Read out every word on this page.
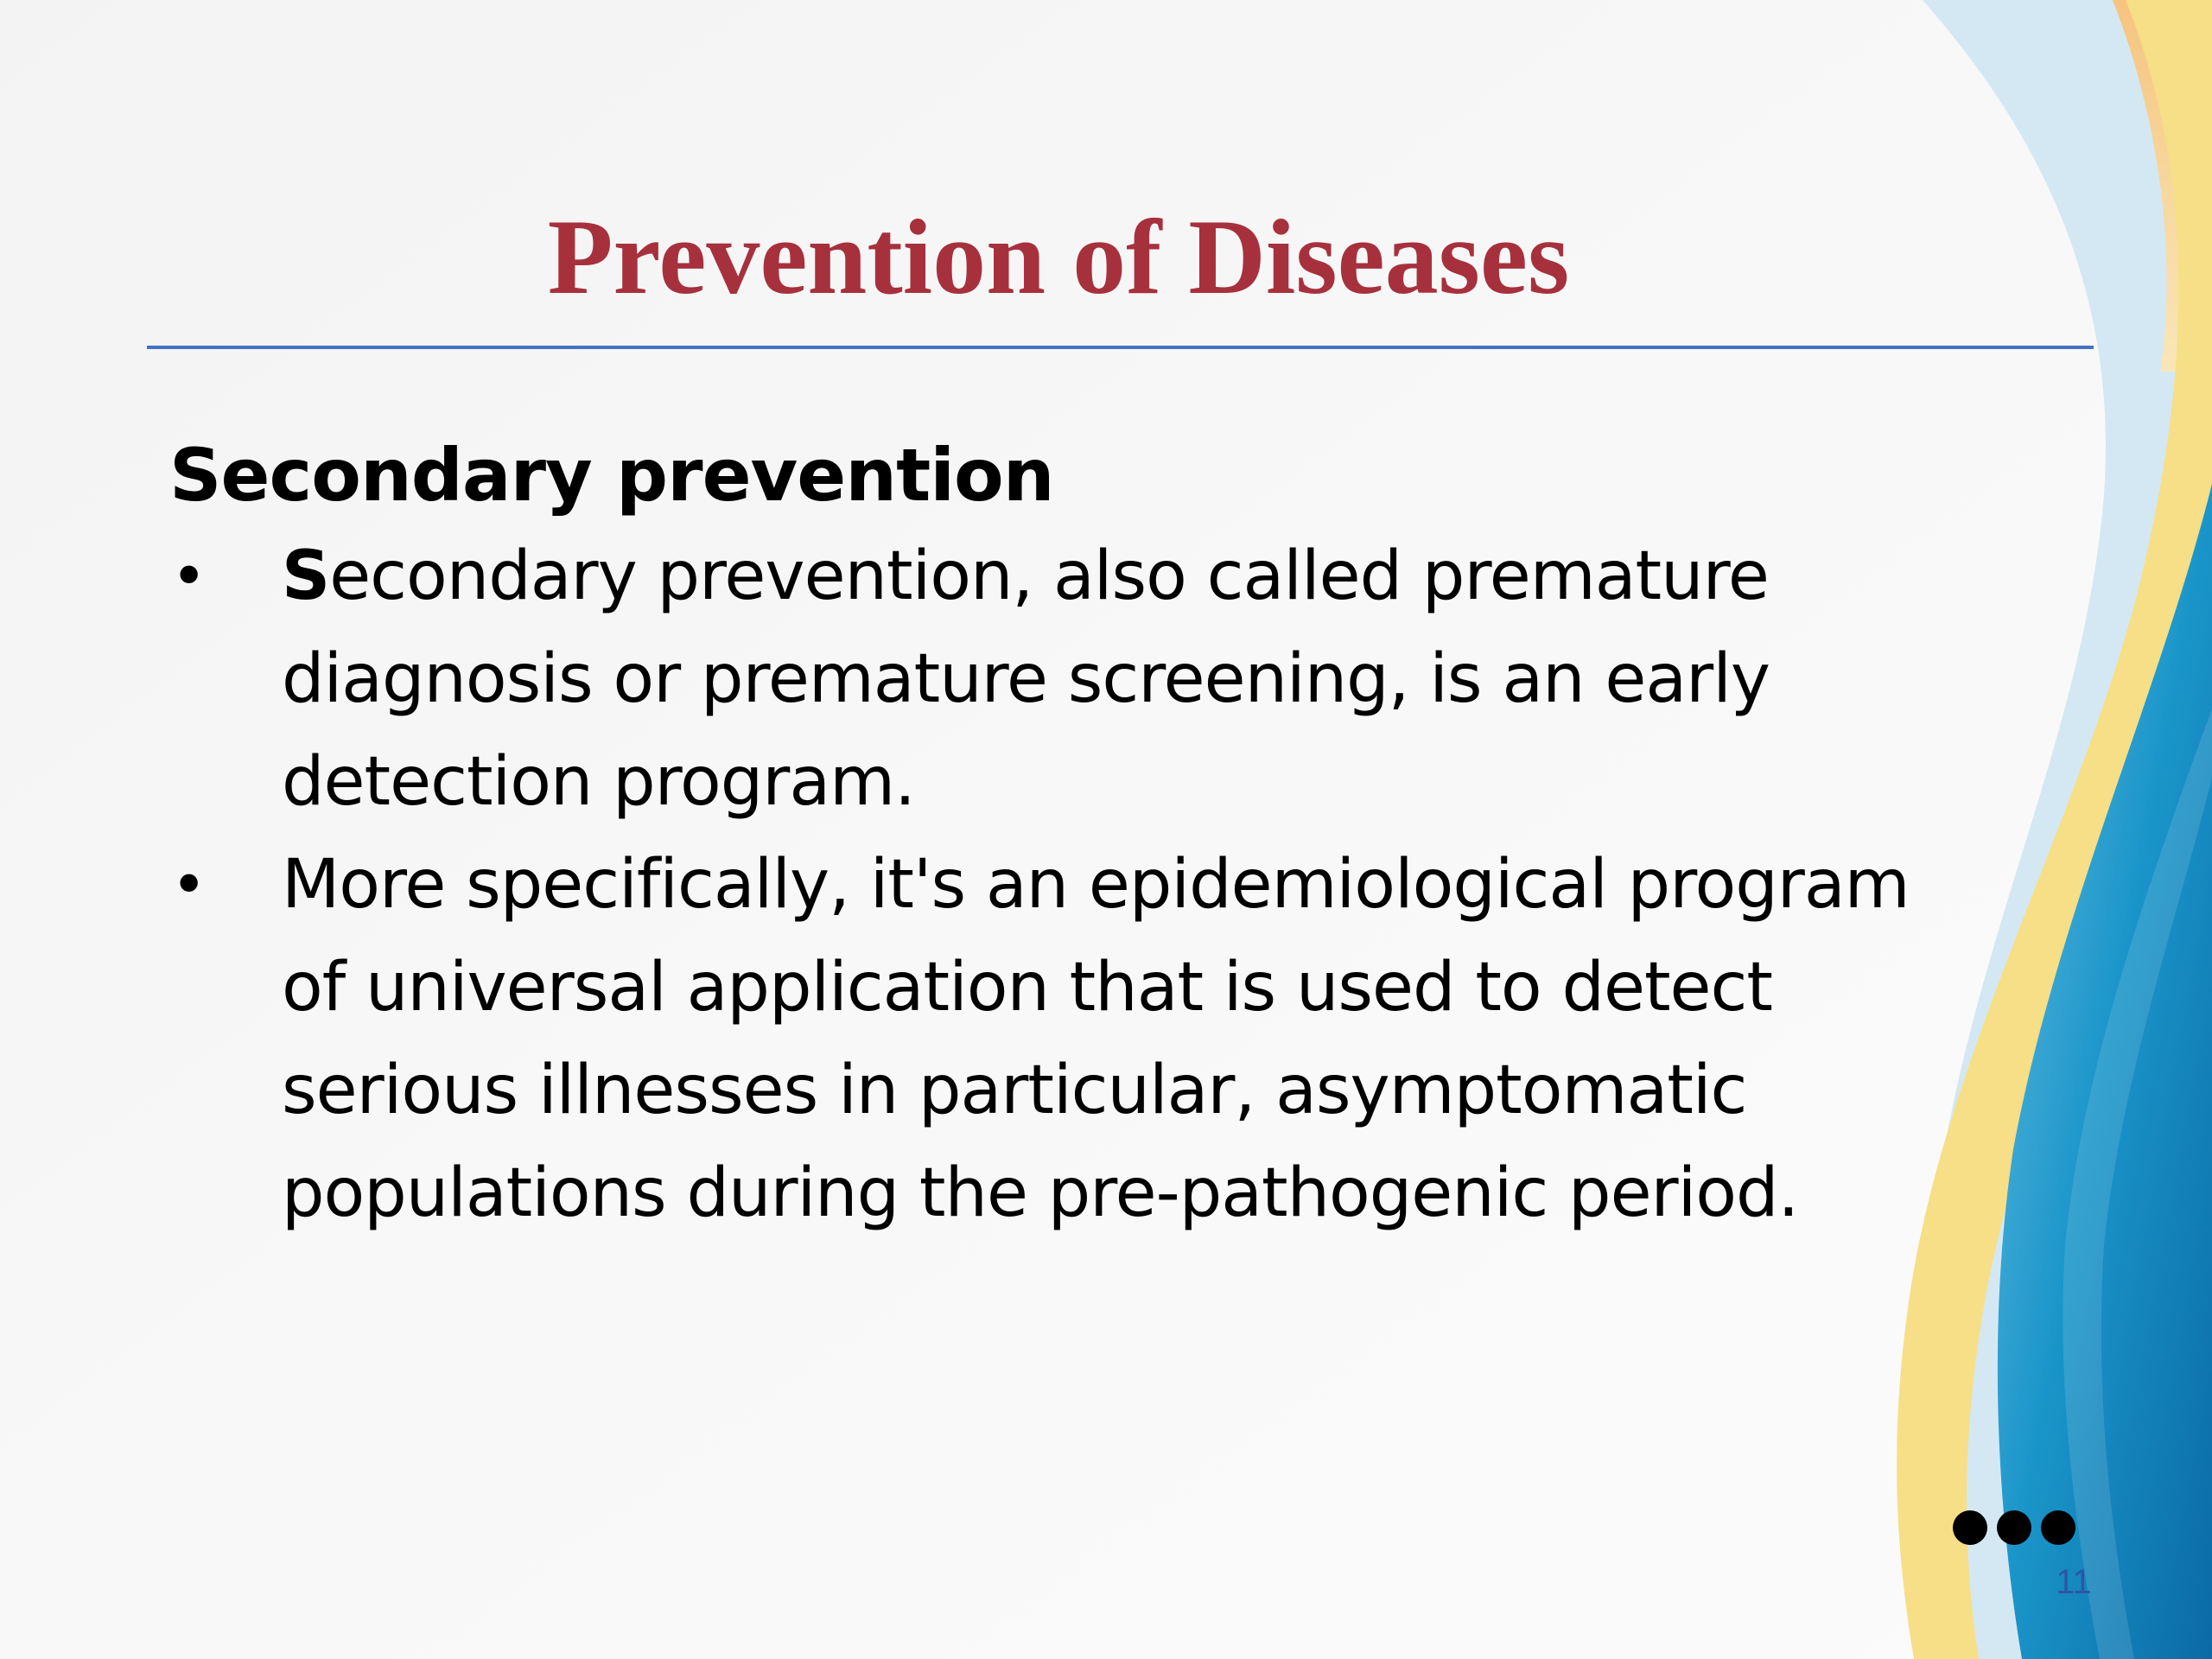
Prevention of Diseases

Secondary prevention

• Secondary prevention, also called premature diagnosis or premature screening, is an early detection program.
• More specifically, it's an epidemiological program of universal application that is used to detect serious illnesses in particular, asymptomatic populations during the pre-pathogenic period.
11
